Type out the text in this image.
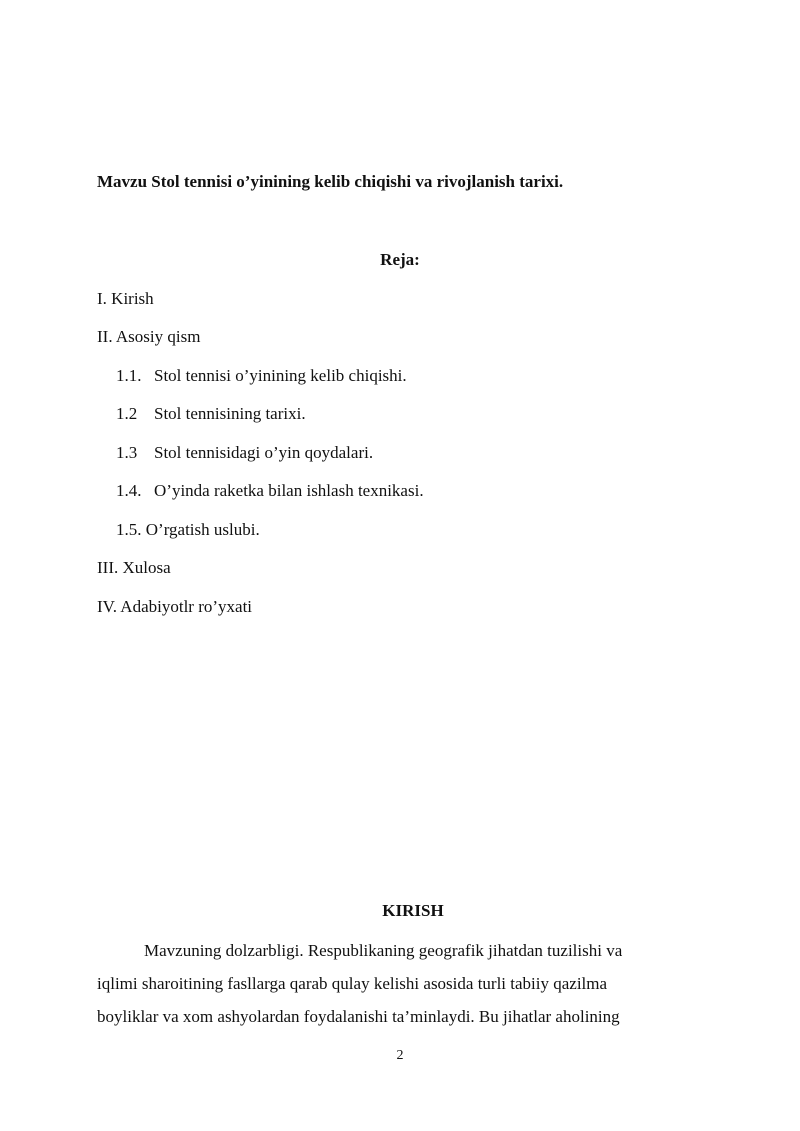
Mavzu Stol tennisi o’yinining kelib chiqishi va rivojlanish tarixi.
Reja:
I. Kirish
II. Asosiy qism
1.1. Stol tennisi o’yinining kelib chiqishi.
1.2 Stol tennisining tarixi.
1.3 Stol tennisidagi o’yin qoydalari.
1.4. O’yinda raketka bilan ishlash texnikasi.
1.5. O’rgatish uslubi.
III. Xulosa
IV. Adabiyotlr ro’yxati
KIRISH
Mavzuning dolzarbligi. Respublikaning geografik jihatdan tuzilishi va
iqlimi sharoitining fasllarga qarab qulay kelishi asosida turli tabiiy qazilma
boyliklar va xom ashyolardan foydalanishi ta’minlaydi. Bu jihatlar aholining
2
